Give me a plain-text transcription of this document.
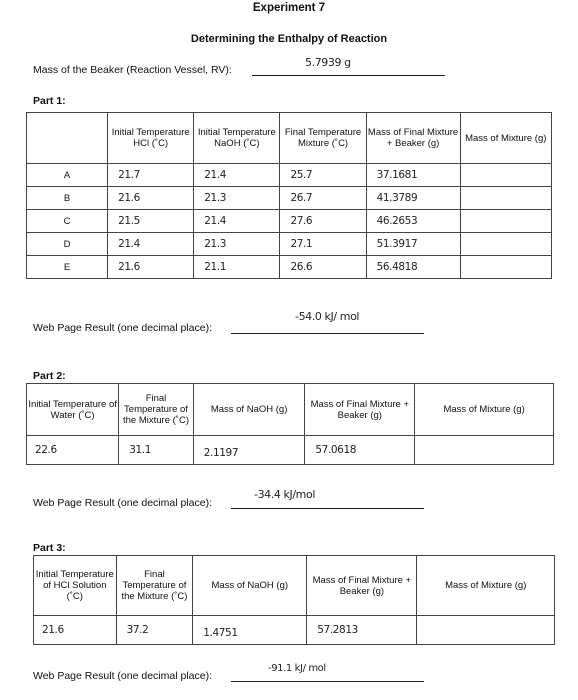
Experiment 7
Determining the Enthalpy of Reaction
Mass of the Beaker (Reaction Vessel, RV):
5.7939 g
Part 1:
	Initial Temperature HCl (˚C)	Initial Temperature NaOH (˚C)	Final Temperature Mixture (˚C)	Mass of Final Mixture + Beaker (g)	Mass of Mixture (g)
A	21.7	21.4	25.7	37.1681	
B	21.6	21.3	26.7	41.3789	
C	21.5	21.4	27.6	46.2653	
D	21.4	21.3	27.1	51.3917	
E	21.6	21.1	26.6	56.4818	
-54.0 kJ/ mol
Web Page Result (one decimal place):
Part 2:
Initial Temperature of Water (˚C)	Final Temperature of the Mixture (˚C)	Mass of NaOH (g)	Mass of Final Mixture + Beaker (g)	Mass of Mixture (g)
22.6	31.1	2.1197	57.0618	
-34.4 kJ/mol
Web Page Result (one decimal place):
Part 3:
Initial Temperature of HCl Solution (˚C)	Final Temperature of the Mixture (˚C)	Mass of NaOH (g)	Mass of Final Mixture + Beaker (g)	Mass of Mixture (g)
21.6	37.2	1.4751	57.2813	
-91.1 kJ/ mol
Web Page Result (one decimal place):
